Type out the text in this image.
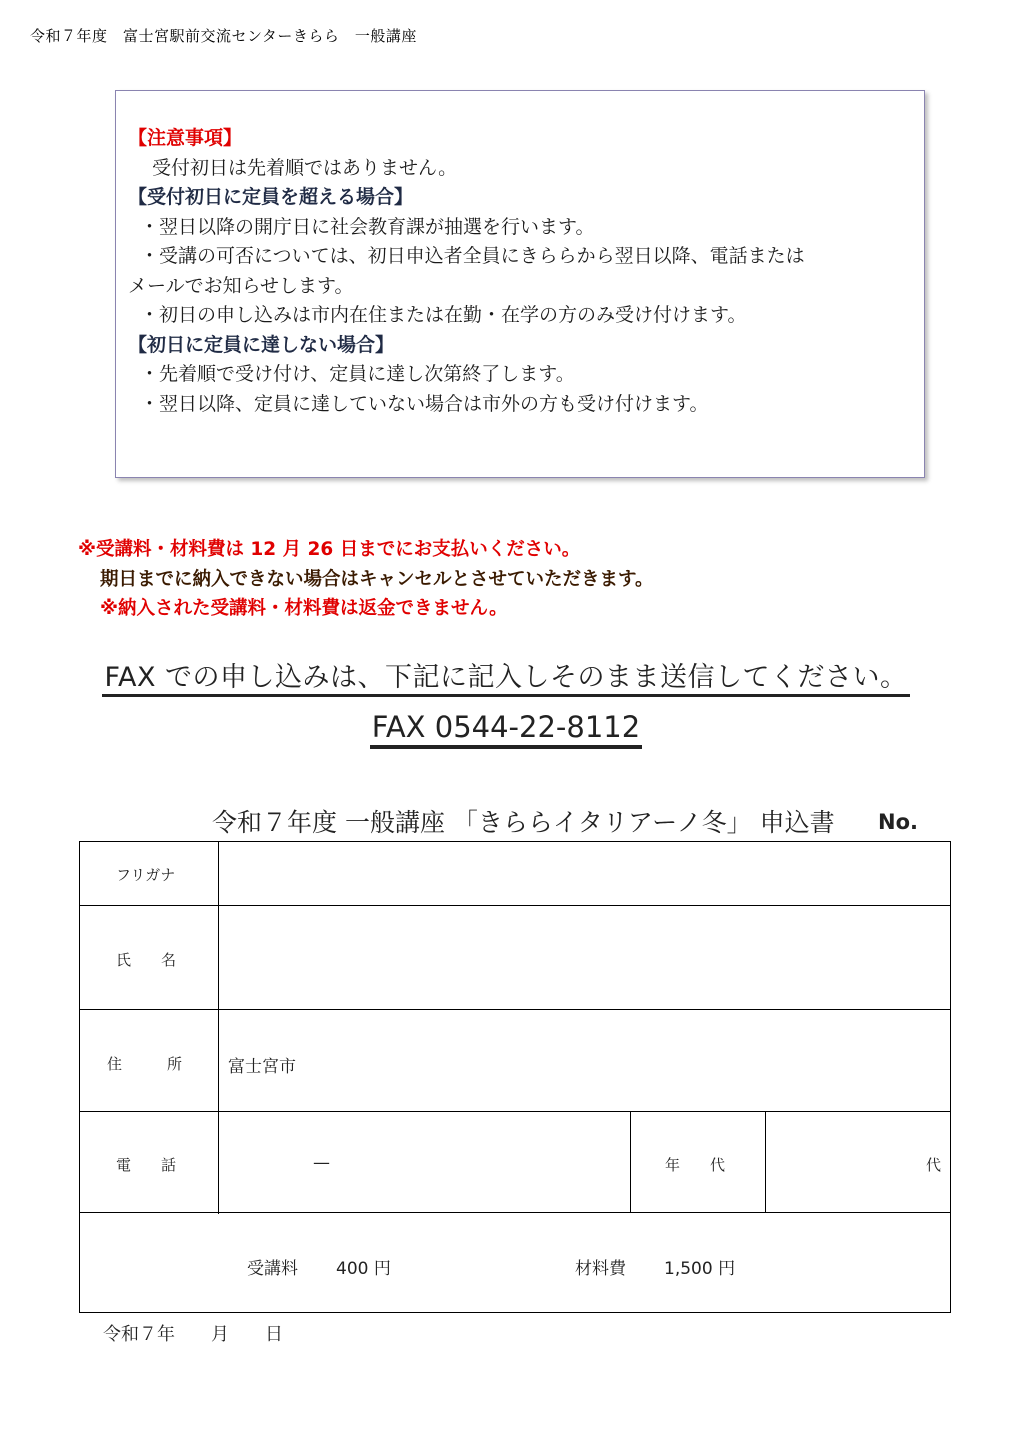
令和７年度　富士宮駅前交流センターきらら　一般講座
【注意事項】
受付初日は先着順ではありません。
【受付初日に定員を超える場合】
・翌日以降の開庁日に社会教育課が抽選を行います。
・受講の可否については、初日申込者全員にきららから翌日以降、電話または
メールでお知らせします。
・初日の申し込みは市内在住または在勤・在学の方のみ受け付けます。
【初日に定員に達しない場合】
・先着順で受け付け、定員に達し次第終了します。
・翌日以降、定員に達していない場合は市外の方も受け付けます。
※受講料・材料費は 12 月 26 日までにお支払いください。
期日までに納入できない場合はキャンセルとさせていただきます。
※納入された受講料・材料費は返金できません。
FAX での申し込みは、下記に記入しそのまま送信してください。
FAX 0544-22-8112
令和７年度 一般講座 「きららイタリアーノ冬」 申込書 No.
フリガナ
氏　　名
住　　　所	富士宮市
電　　話	—	年　　代	代
受講料 400 円	材料費 1,500 円
令和７年　　月　　日
